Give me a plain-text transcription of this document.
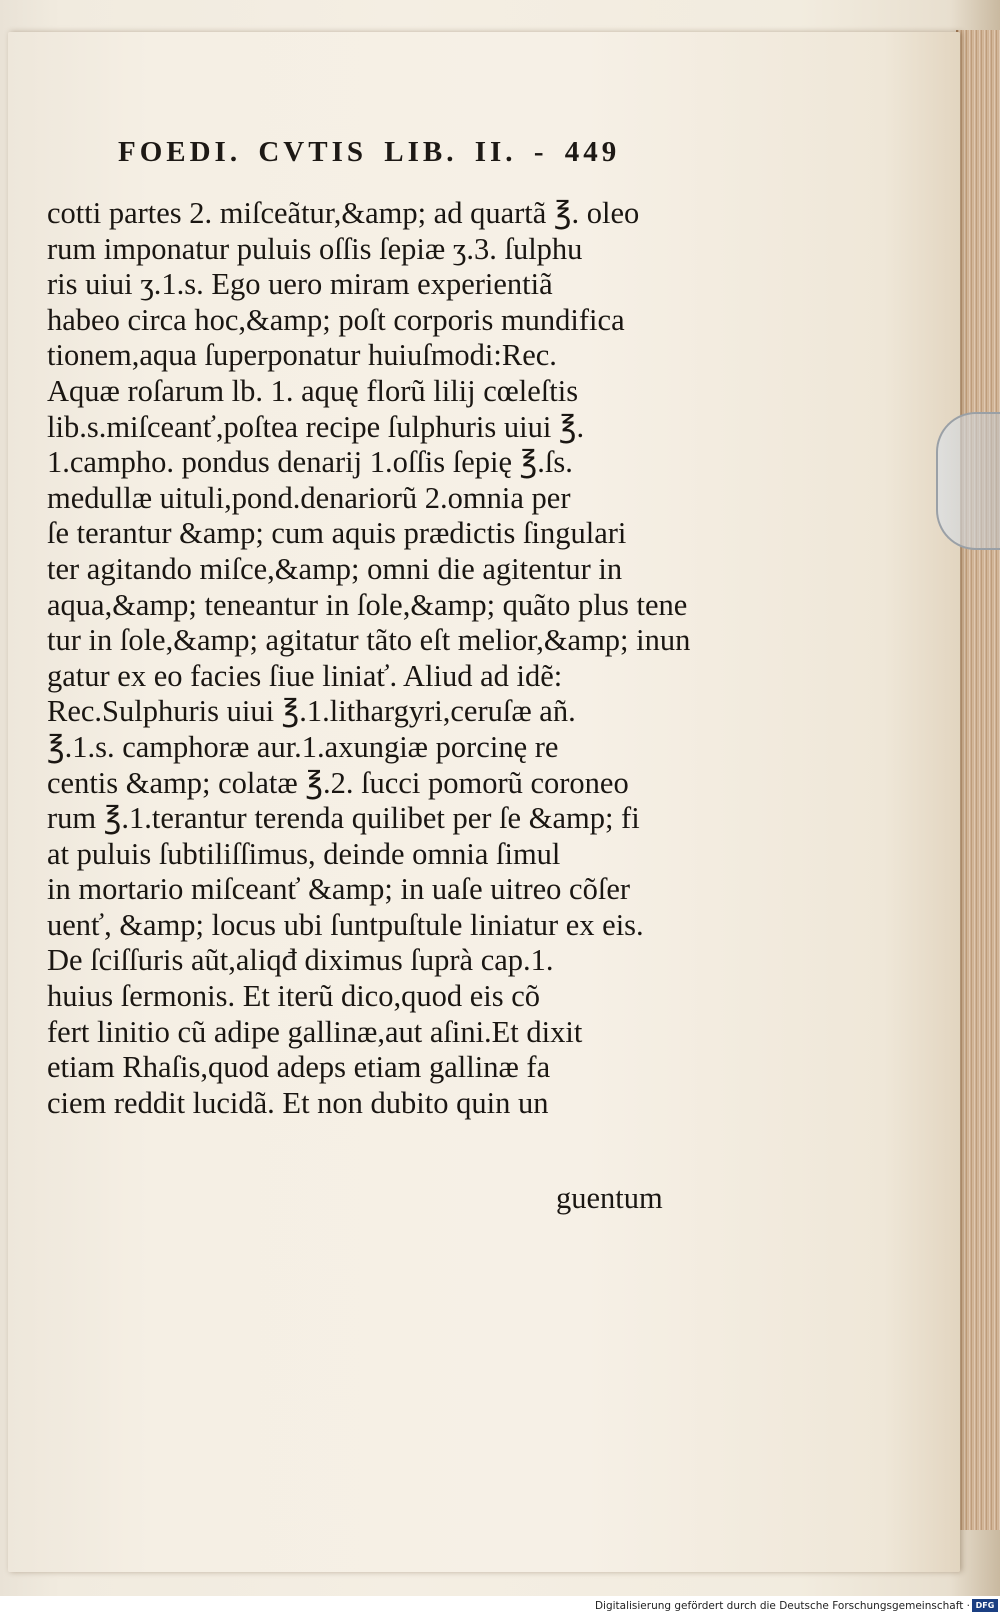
FOEDI. CVTIS LIB. II. - 449
cotti partes 2. miſceãtur,&amp; ad quartã ℥. oleo
rum imponatur puluis oſſis ſepiæ ʒ.3. ſulphu
ris uiui ʒ.1.s. Ego uero miram experientiã
habeo circa hoc,&amp; poſt corporis mundifica
tionem,aqua ſuperponatur huiuſmodi:Rec.
Aquæ roſarum lb. 1. aquę florũ lilij cœleſtis
lib.s.miſceanť,poſtea recipe ſulphuris uiui ℥.
1.campho. pondus denarij 1.oſſis ſepię ℥.ſs.
medullæ uituli,pond.denariorũ 2.omnia per
ſe terantur &amp; cum aquis prædictis ſingulari
ter agitando miſce,&amp; omni die agitentur in
aqua,&amp; teneantur in ſole,&amp; quãto plus tene
tur in ſole,&amp; agitatur tãto eſt melior,&amp; inun
gatur ex eo facies ſiue liniať. Aliud ad idẽ:
Rec.Sulphuris uiui ℥.1.lithargyri,ceruſæ añ.
℥.1.s. camphoræ aur.1.axungiæ porcinę re
centis &amp; colatæ ℥.2. ſucci pomorũ coroneo
rum ℥.1.terantur terenda quilibet per ſe &amp; fi
at puluis ſubtiliſſimus, deinde omnia ſimul
in mortario miſceanť &amp; in uaſe uitreo cõſer
uenť, &amp; locus ubi ſuntpuſtule liniatur ex eis.
De ſciſſuris aũt,aliqđ diximus ſuprà cap.1.
huius ſermonis. Et iterũ dico,quod eis cõ
fert linitio cũ adipe gallinæ,aut aſini.Et dixit
etiam Rhaſis,quod adeps etiam gallinæ fa
ciem reddit lucidã. Et non dubito quin un
guentum
Digitalisierung gefördert durch die Deutsche Forschungsgemeinschaft · DFG
